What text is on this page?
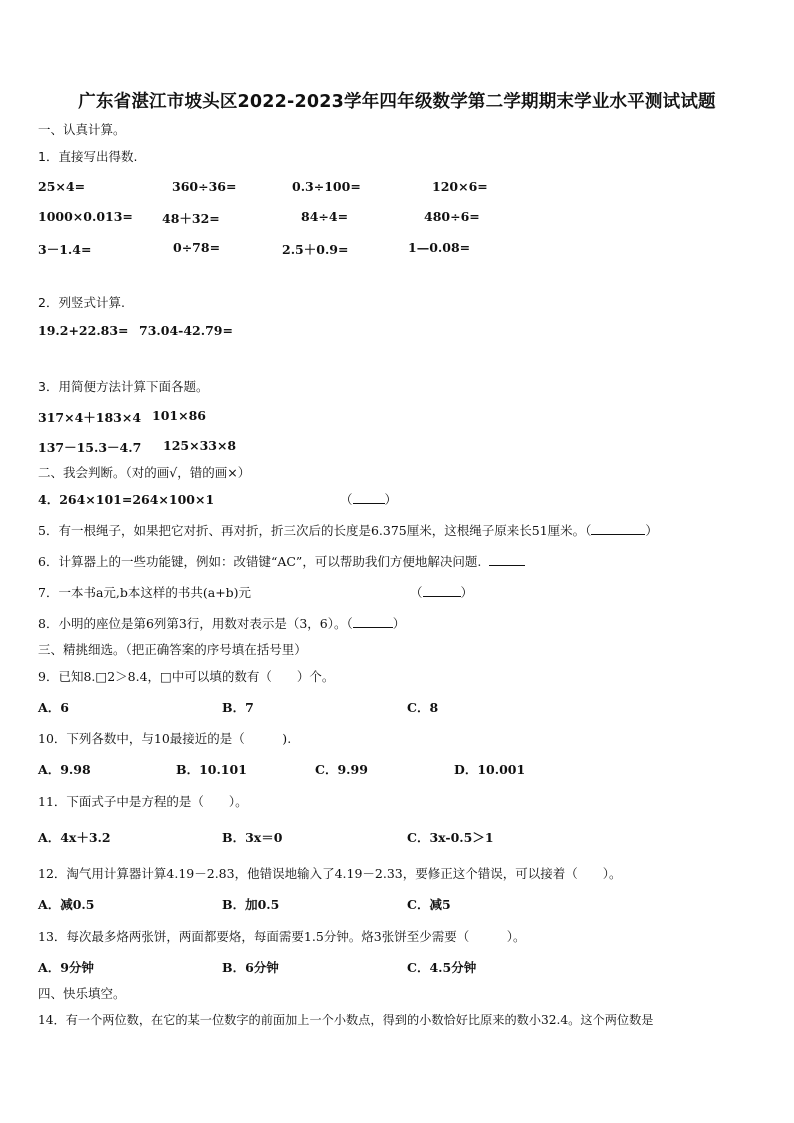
广东省湛江市坡头区2022-2023学年四年级数学第二学期期末学业水平测试试题
一、认真计算。
1．直接写出得数.
25×4=	360÷36=	0.3÷100=	120×6=
1000×0.013= 48＋32=	84÷4=	480÷6=
3－1.4=	0÷78=	2.5＋0.9=	1—0.08=
2．列竖式计算.
19.2+22.83= 73.04-42.79=
3．用简便方法计算下面各题。
317×4＋183×4 101×86
137－15.3－4.7 125×33×8
二、我会判断。（对的画√，错的画×）
4．264×101=264×100×1	（	）
5．有一根绳子，如果把它对折、再对折，折三次后的长度是6.375厘米，这根绳子原来长51厘米。（	）
6．计算器上的一些功能键，例如：改错键“AC”，可以帮助我们方便地解决问题.
7．一本书a元,b本这样的书共(a+b)元	（	）
8．小明的座位是第6列第3行，用数对表示是（3，6）。（	）
三、精挑细选。（把正确答案的序号填在括号里）
9．已知8.□2＞8.4，□中可以填的数有（　　）个。
A．6	B．7	C．8
10．下列各数中，与10最接近的是（　　　).
A．9.98	B．10.101	C．9.99	D．10.001
11．下面式子中是方程的是（　　）。
A．4x＋3.2	B．3x＝0	C．3x-0.5＞1
12．淘气用计算器计算4.19－2.83，他错误地输入了4.19－2.33，要修正这个错误，可以接着（　　）。
A．减0.5	B．加0.5	C．减5
13．每次最多烙两张饼，两面都要烙，每面需要1.5分钟。烙3张饼至少需要（　　　）。
A．9分钟	B．6分钟	C．4.5分钟
四、快乐填空。
14．有一个两位数，在它的某一位数字的前面加上一个小数点，得到的小数恰好比原来的数小32.4。这个两位数是
